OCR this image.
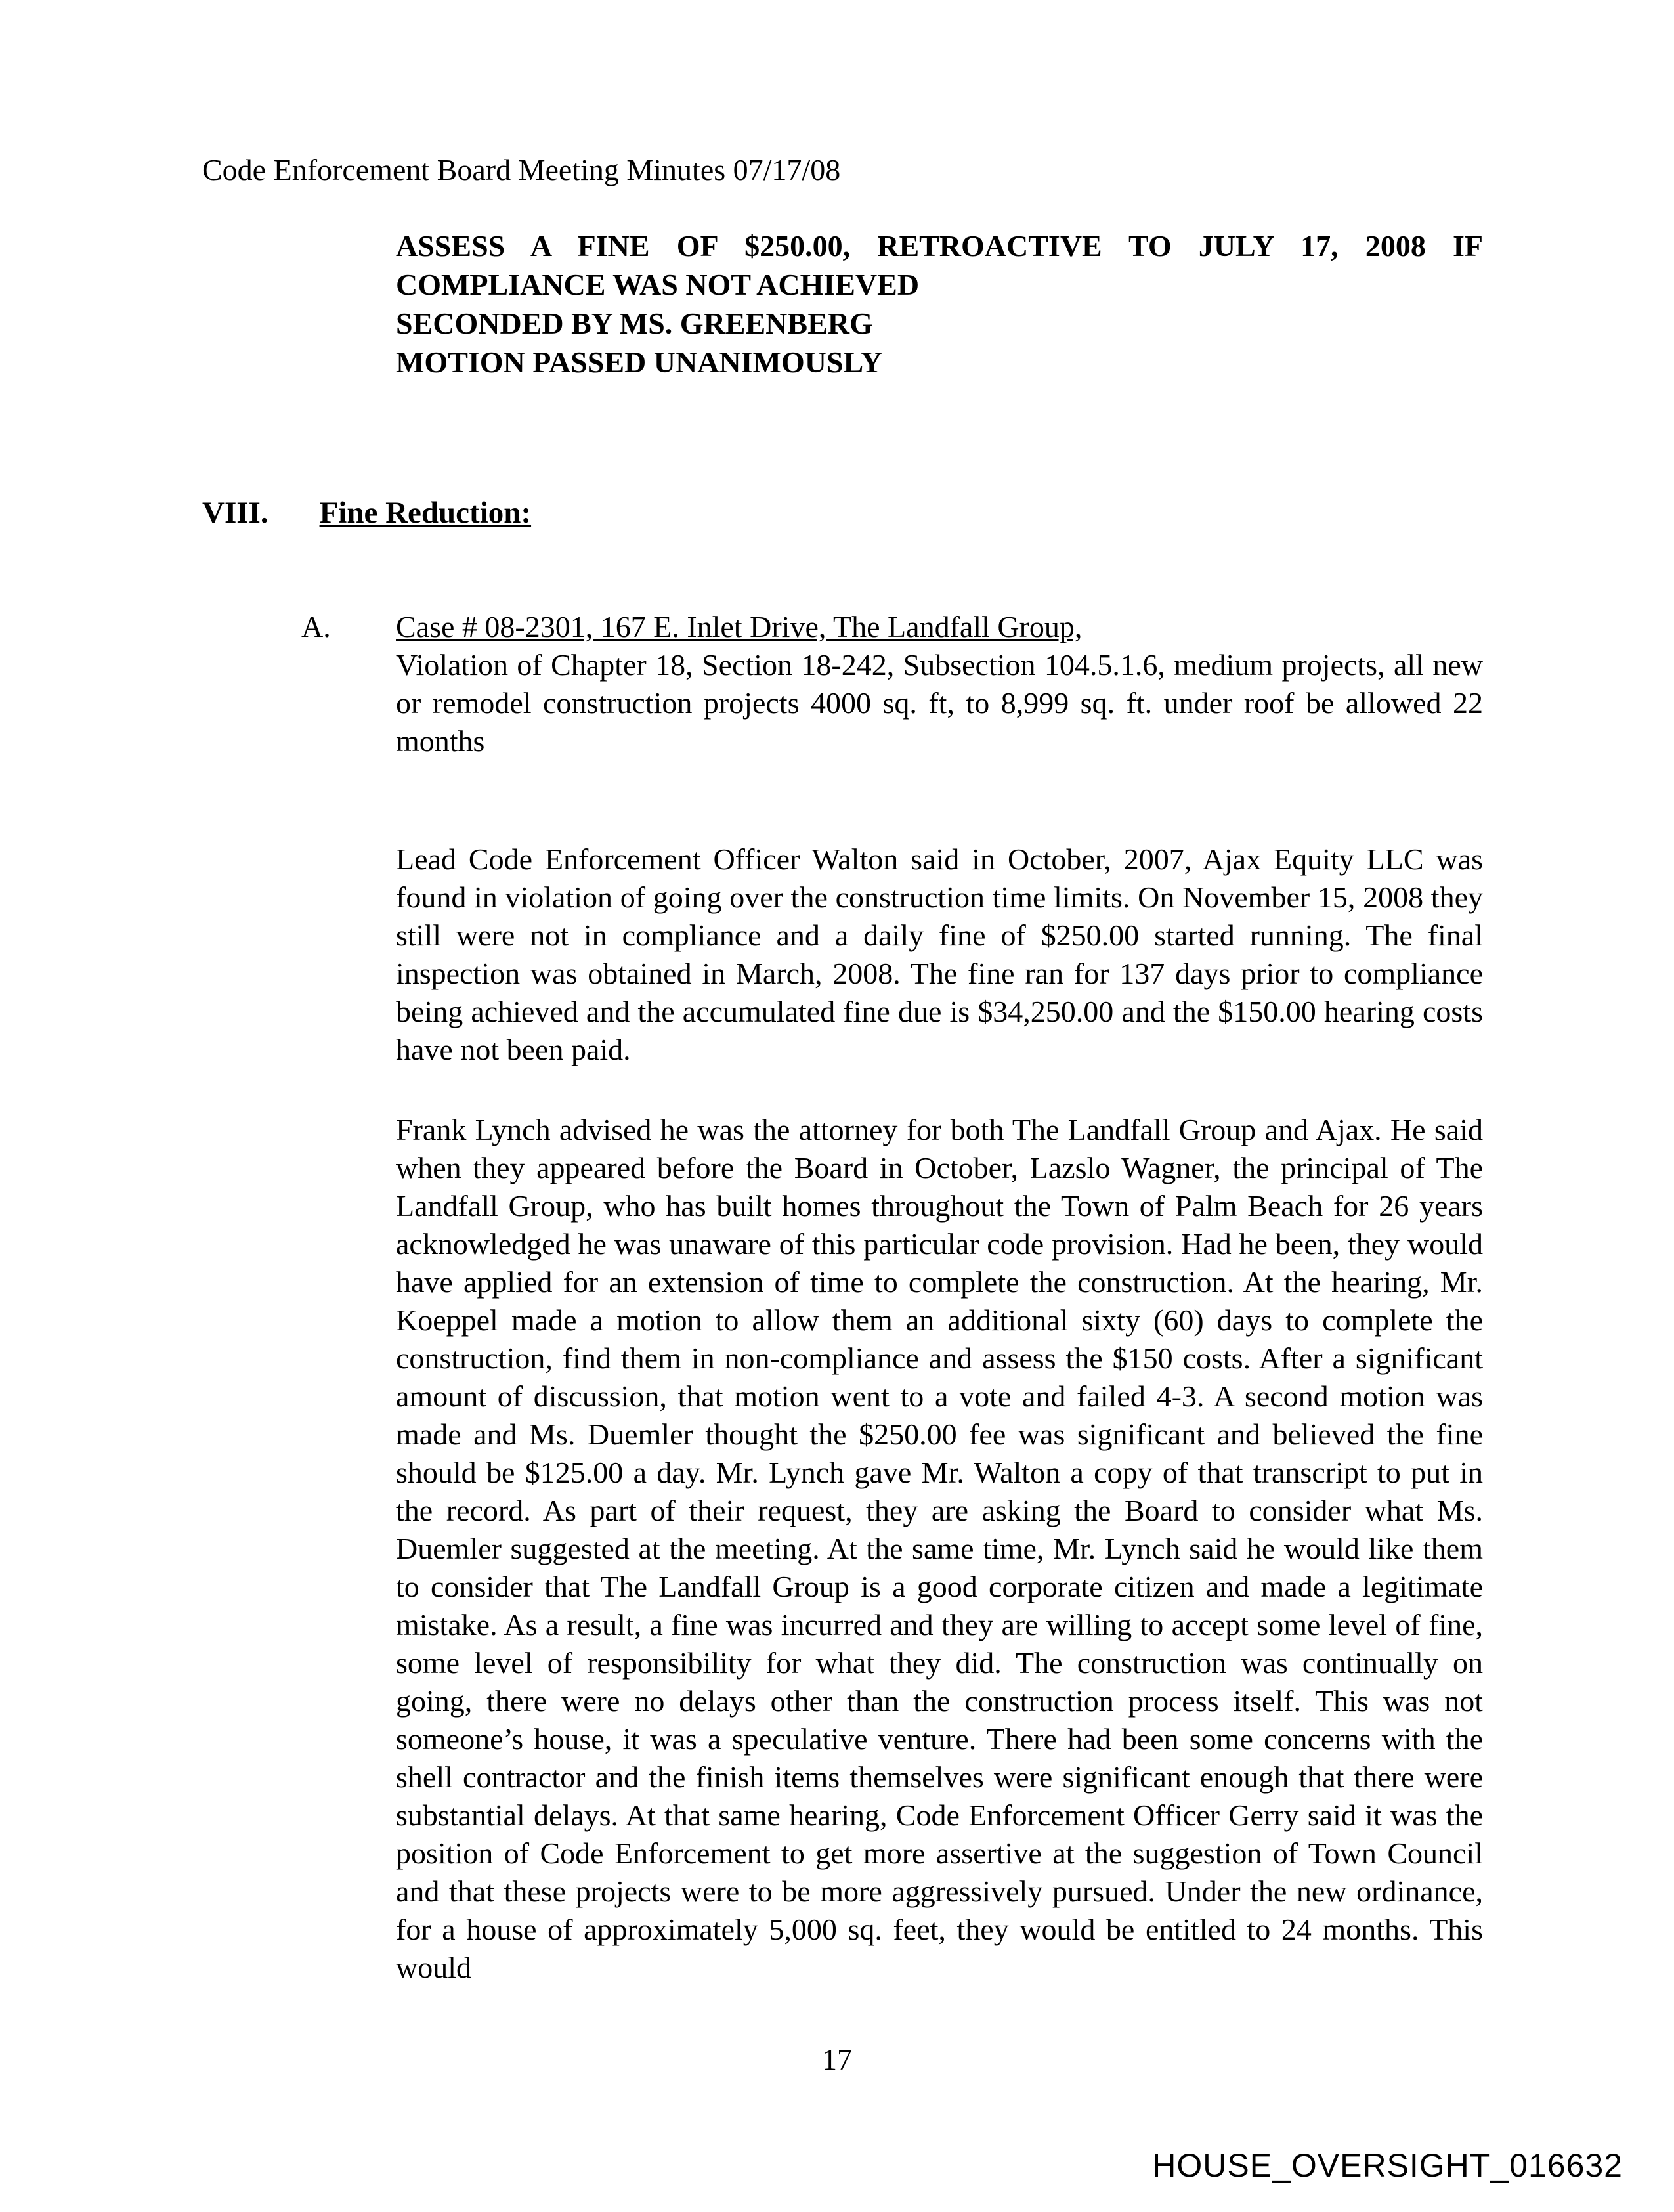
Code Enforcement Board Meeting Minutes 07/17/08
ASSESS A FINE OF $250.00, RETROACTIVE TO JULY 17, 2008 IF COMPLIANCE WAS NOT ACHIEVED
SECONDED BY MS. GREENBERG
MOTION PASSED UNANIMOUSLY
VIII. Fine Reduction:
A. Case # 08-2301, 167 E. Inlet Drive, The Landfall Group,
Violation of Chapter 18, Section 18-242, Subsection 104.5.1.6, medium projects, all new or remodel construction projects 4000 sq. ft, to 8,999 sq. ft. under roof be allowed 22 months
Lead Code Enforcement Officer Walton said in October, 2007, Ajax Equity LLC was found in violation of going over the construction time limits. On November 15, 2008 they still were not in compliance and a daily fine of $250.00 started running. The final inspection was obtained in March, 2008. The fine ran for 137 days prior to compliance being achieved and the accumulated fine due is $34,250.00 and the $150.00 hearing costs have not been paid.
Frank Lynch advised he was the attorney for both The Landfall Group and Ajax. He said when they appeared before the Board in October, Lazslo Wagner, the principal of The Landfall Group, who has built homes throughout the Town of Palm Beach for 26 years acknowledged he was unaware of this particular code provision. Had he been, they would have applied for an extension of time to complete the construction. At the hearing, Mr. Koeppel made a motion to allow them an additional sixty (60) days to complete the construction, find them in non-compliance and assess the $150 costs. After a significant amount of discussion, that motion went to a vote and failed 4-3. A second motion was made and Ms. Duemler thought the $250.00 fee was significant and believed the fine should be $125.00 a day. Mr. Lynch gave Mr. Walton a copy of that transcript to put in the record. As part of their request, they are asking the Board to consider what Ms. Duemler suggested at the meeting. At the same time, Mr. Lynch said he would like them to consider that The Landfall Group is a good corporate citizen and made a legitimate mistake. As a result, a fine was incurred and they are willing to accept some level of fine, some level of responsibility for what they did. The construction was continually on going, there were no delays other than the construction process itself. This was not someone’s house, it was a speculative venture. There had been some concerns with the shell contractor and the finish items themselves were significant enough that there were substantial delays. At that same hearing, Code Enforcement Officer Gerry said it was the position of Code Enforcement to get more assertive at the suggestion of Town Council and that these projects were to be more aggressively pursued. Under the new ordinance, for a house of approximately 5,000 sq. feet, they would be entitled to 24 months. This would
17
HOUSE_OVERSIGHT_016632
